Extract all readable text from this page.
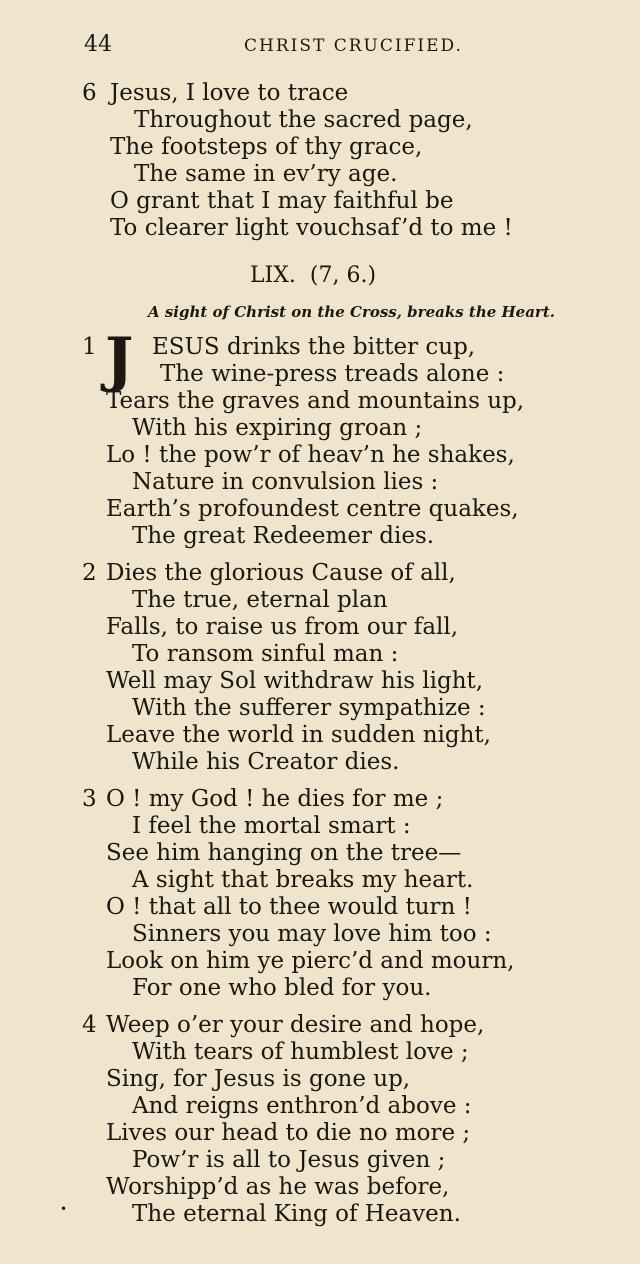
44	CHRIST CRUCIFIED.
6 Jesus, I love to trace
Throughout the sacred page,
The footsteps of thy grace,
The same in ev’ry age.
O grant that I may faithful be
To clearer light vouchsaf’d to me !
LIX. (7, 6.)
A sight of Christ on the Cross, breaks the Heart.
J
1 ESUS drinks the bitter cup,
The wine-press treads alone :
Tears the graves and mountains up,
With his expiring groan ;
Lo ! the pow’r of heav’n he shakes,
Nature in convulsion lies :
Earth’s profoundest centre quakes,
The great Redeemer dies.
2 Dies the glorious Cause of all,
The true, eternal plan
Falls, to raise us from our fall,
To ransom sinful man :
Well may Sol withdraw his light,
With the sufferer sympathize :
Leave the world in sudden night,
While his Creator dies.
3 O ! my God ! he dies for me ;
I feel the mortal smart :
See him hanging on the tree—
A sight that breaks my heart.
O ! that all to thee would turn !
Sinners you may love him too :
Look on him ye pierc’d and mourn,
For one who bled for you.
4 Weep o’er your desire and hope,
With tears of humblest love ;
Sing, for Jesus is gone up,
And reigns enthron’d above :
Lives our head to die no more ;
Pow’r is all to Jesus given ;
Worshipp’d as he was before,
The eternal King of Heaven.
•
